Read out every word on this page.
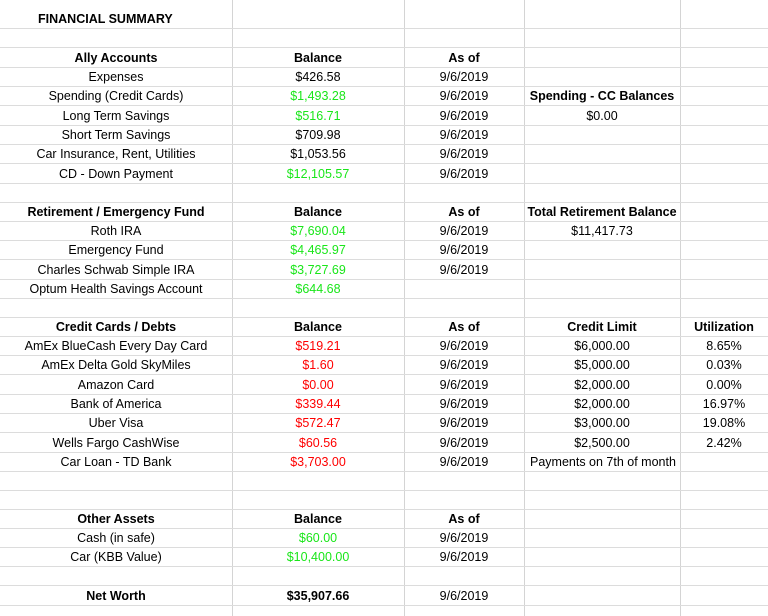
FINANCIAL SUMMARY
Ally Accounts	Balance	As of
Expenses	$426.58	9/6/2019
Spending (Credit Cards)	$1,493.28	9/6/2019	Spending - CC Balances
Long Term Savings	$516.71	9/6/2019	$0.00
Short Term Savings	$709.98	9/6/2019
Car Insurance, Rent, Utilities	$1,053.56	9/6/2019
CD - Down Payment	$12,105.57	9/6/2019
Retirement / Emergency Fund	Balance	As of	Total Retirement Balance
Roth IRA	$7,690.04	9/6/2019	$11,417.73
Emergency Fund	$4,465.97	9/6/2019
Charles Schwab Simple IRA	$3,727.69	9/6/2019
Optum Health Savings Account	$644.68
Credit Cards / Debts	Balance	As of	Credit Limit	Utilization
AmEx BlueCash Every Day Card	$519.21	9/6/2019	$6,000.00	8.65%
AmEx Delta Gold SkyMiles	$1.60	9/6/2019	$5,000.00	0.03%
Amazon Card	$0.00	9/6/2019	$2,000.00	0.00%
Bank of America	$339.44	9/6/2019	$2,000.00	16.97%
Uber Visa	$572.47	9/6/2019	$3,000.00	19.08%
Wells Fargo CashWise	$60.56	9/6/2019	$2,500.00	2.42%
Car Loan - TD Bank	$3,703.00	9/6/2019	Payments on 7th of month
Other Assets	Balance	As of
Cash (in safe)	$60.00	9/6/2019
Car (KBB Value)	$10,400.00	9/6/2019
Net Worth	$35,907.66	9/6/2019
